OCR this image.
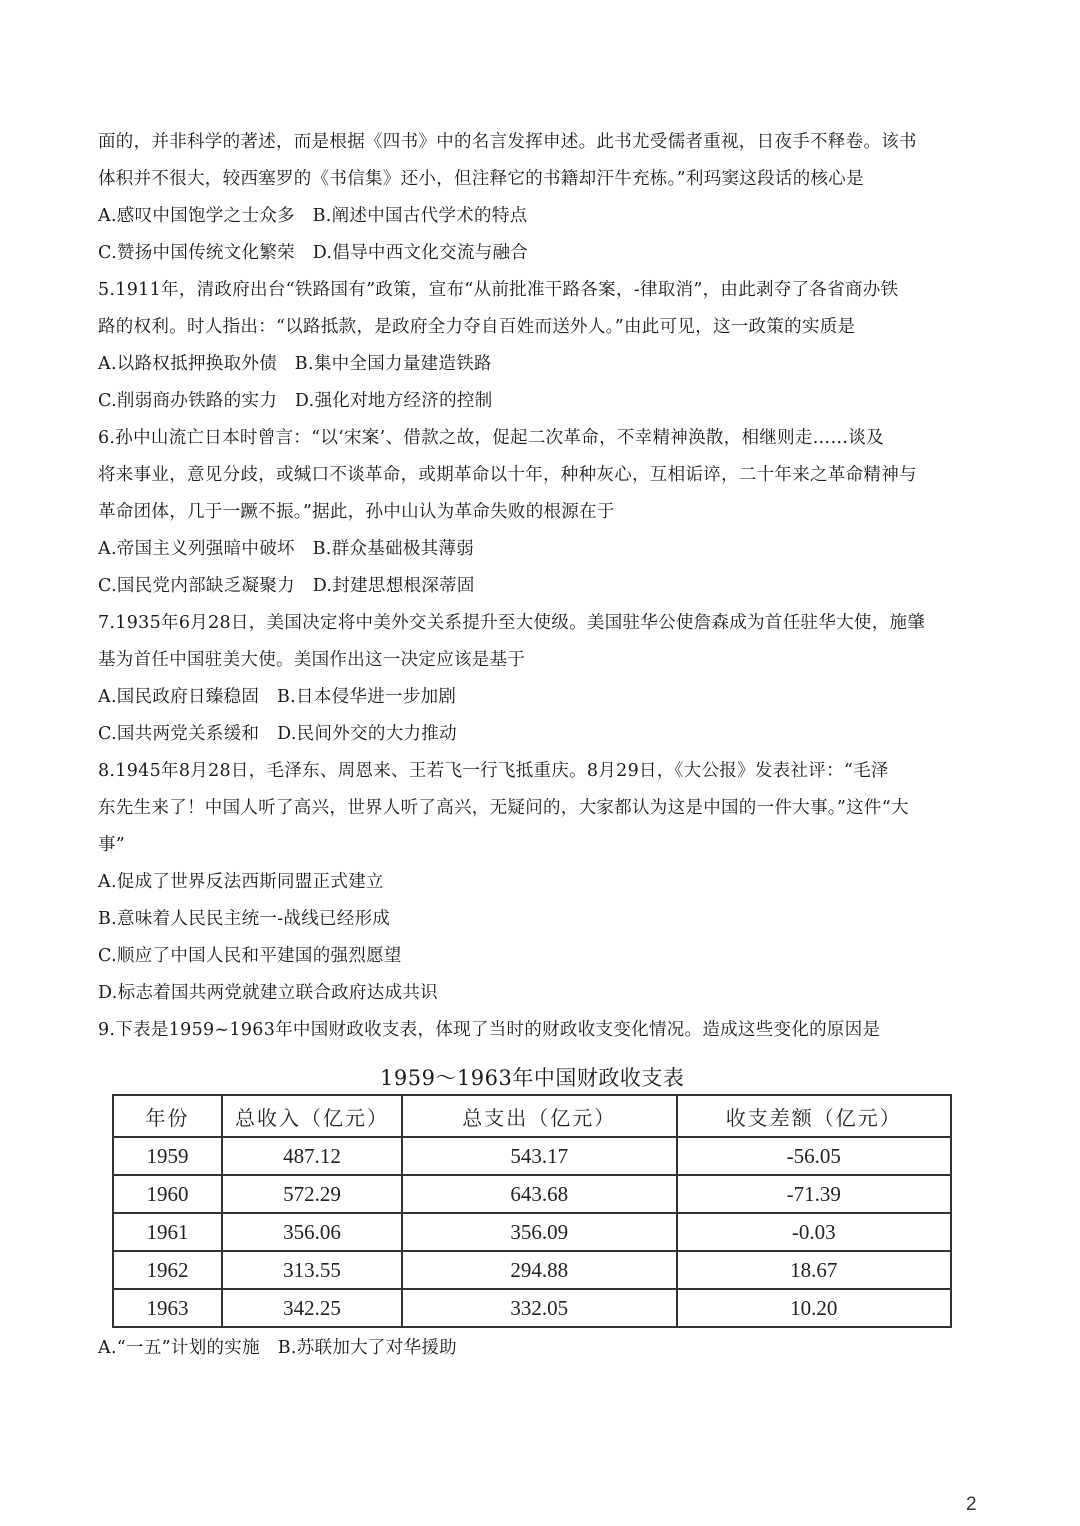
面的，并非科学的著述，而是根据《四书》中的名言发挥申述。此书尤受儒者重视，日夜手不释卷。该书
体积并不很大，较西塞罗的《书信集》还小，但注释它的书籍却汗牛充栋。”利玛窦这段话的核心是
A.感叹中国饱学之士众多　B.阐述中国古代学术的特点
C.赞扬中国传统文化繁荣　D.倡导中西文化交流与融合
5.1911年，清政府出台“铁路国有”政策，宣布“从前批准干路各案，-律取消”，由此剥夺了各省商办铁
路的权利。时人指出：“以路抵款，是政府全力夺自百姓而送外人。”由此可见，这一政策的实质是
A.以路权抵押换取外债　B.集中全国力量建造铁路
C.削弱商办铁路的实力　D.强化对地方经济的控制
6.孙中山流亡日本时曾言：“以‘宋案’、借款之故，促起二次革命，不幸精神涣散，相继则走……谈及
将来事业，意见分歧，或缄口不谈革命，或期革命以十年，种种灰心，互相诟谇，二十年来之革命精神与
革命团体，几于一蹶不振。”据此，孙中山认为革命失败的根源在于
A.帝国主义列强暗中破坏　B.群众基础极其薄弱
C.国民党内部缺乏凝聚力　D.封建思想根深蒂固
7.1935年6月28日，美国决定将中美外交关系提升至大使级。美国驻华公使詹森成为首任驻华大使，施肇
基为首任中国驻美大使。美国作出这一决定应该是基于
A.国民政府日臻稳固　B.日本侵华进一步加剧
C.国共两党关系缓和　D.民间外交的大力推动
8.1945年8月28日，毛泽东、周恩来、王若飞一行飞抵重庆。8月29日，《大公报》发表社评：“毛泽
东先生来了！中国人听了高兴，世界人听了高兴，无疑问的，大家都认为这是中国的一件大事。”这件“大
事”
A.促成了世界反法西斯同盟正式建立
B.意味着人民民主统一-战线已经形成
C.顺应了中国人民和平建国的强烈愿望
D.标志着国共两党就建立联合政府达成共识
9.下表是1959~1963年中国财政收支表，体现了当时的财政收支变化情况。造成这些变化的原因是
1959～1963年中国财政收支表
年份	总收入（亿元）	总支出（亿元）	收支差额（亿元）
1959	487.12	543.17	-56.05
1960	572.29	643.68	-71.39
1961	356.06	356.09	-0.03
1962	313.55	294.88	18.67
1963	342.25	332.05	10.20
A.“一五”计划的实施　B.苏联加大了对华援助
2
